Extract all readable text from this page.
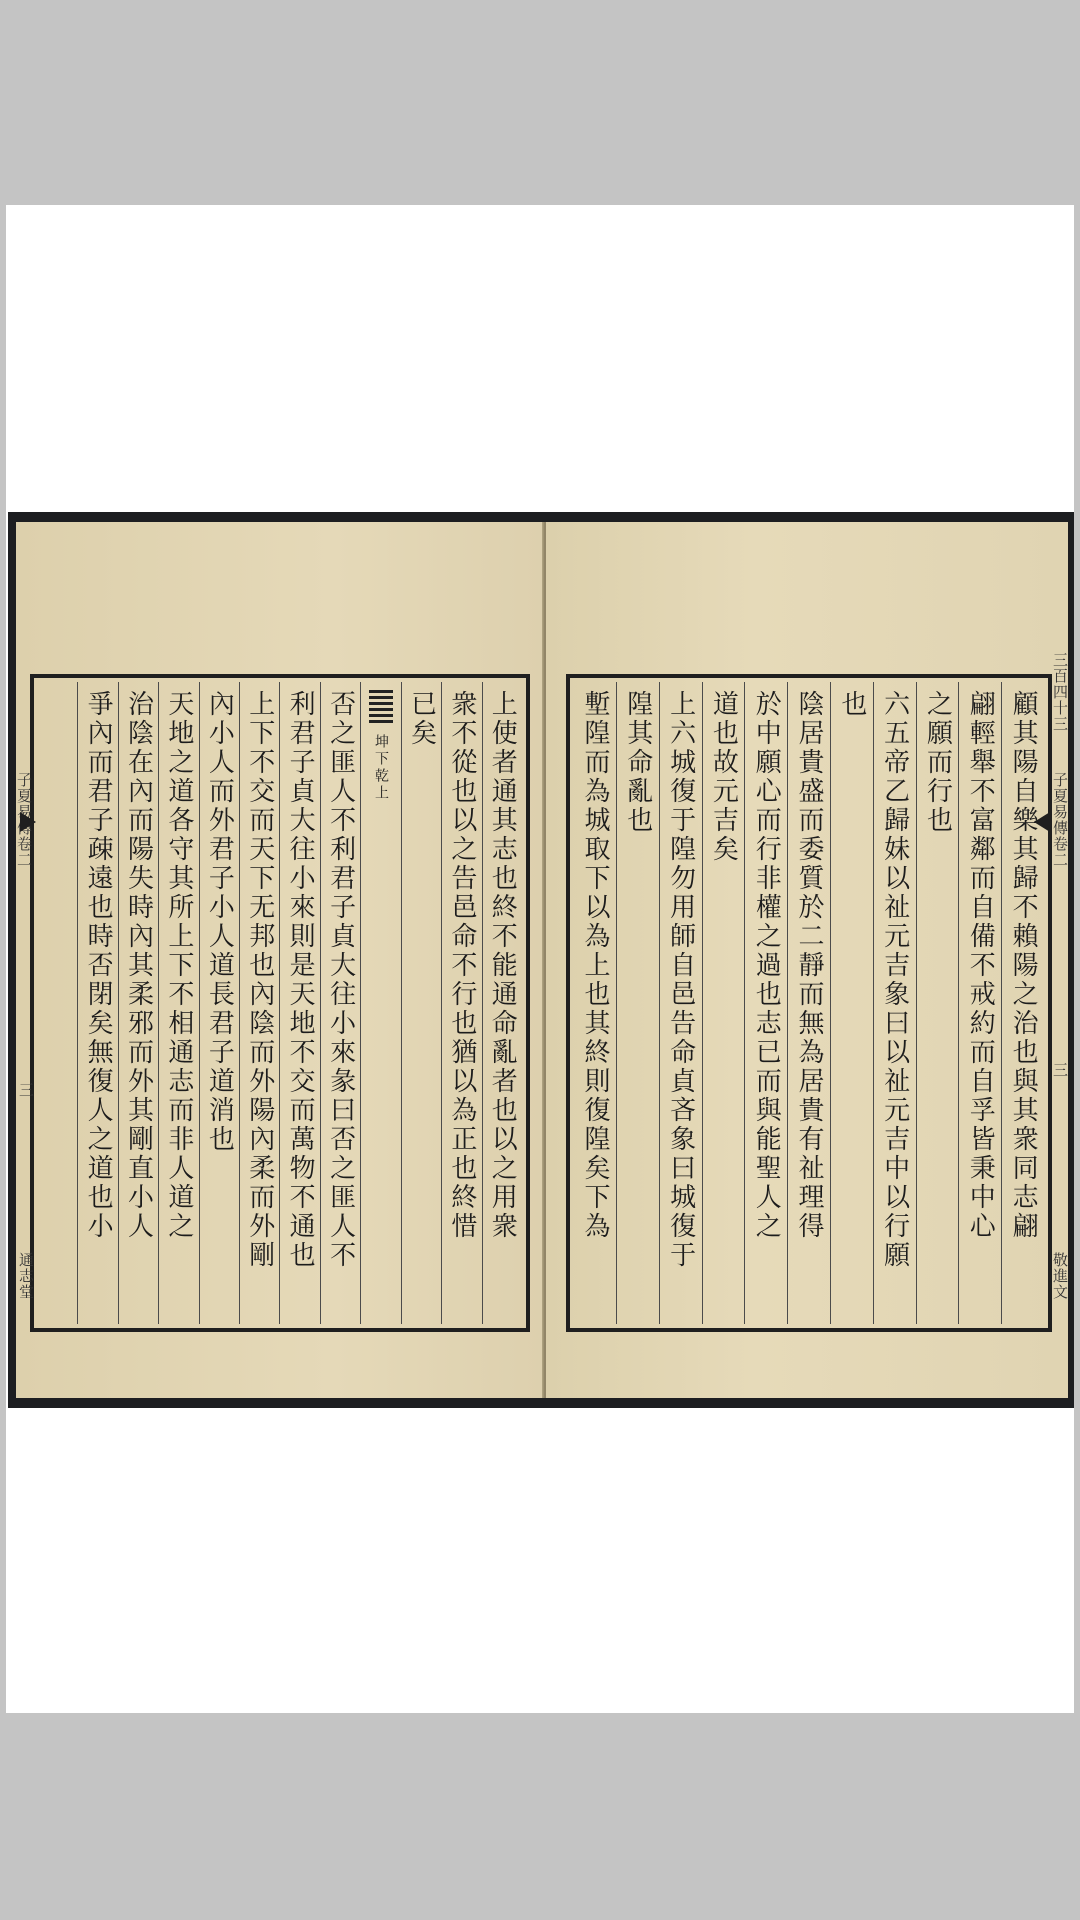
上使者通其志也終不能通命亂者也以之用衆
衆不從也以之告邑命不行也猶以為正也終惜
已矣
坤下乾上
否之匪人不利君子貞大往小來彖曰否之匪人不
利君子貞大往小來則是天地不交而萬物不通也
上下不交而天下无邦也內陰而外陽內柔而外剛
內小人而外君子小人道長君子道消也
天地之道各守其所上下不相通志而非人道之
治陰在內而陽失時內其柔邪而外其剛直小人
爭內而君子疎遠也時否閉矣無復人之道也小
子夏易傳卷二
三
通志堂
顧其陽自樂其歸不賴陽之治也與其衆同志翩
翩輕舉不富鄰而自備不戒約而自孚皆秉中心
之願而行也
六五帝乙歸妹以祉元吉象曰以祉元吉中以行願
也
陰居貴盛而委質於二靜而無為居貴有祉理得
於中願心而行非權之過也志已而與能聖人之
道也故元吉矣
上六城復于隍勿用師自邑告命貞吝象曰城復于
隍其命亂也
塹隍而為城取下以為上也其終則復隍矣下為	三百四十三
子夏易傳卷二
三
敬進文
